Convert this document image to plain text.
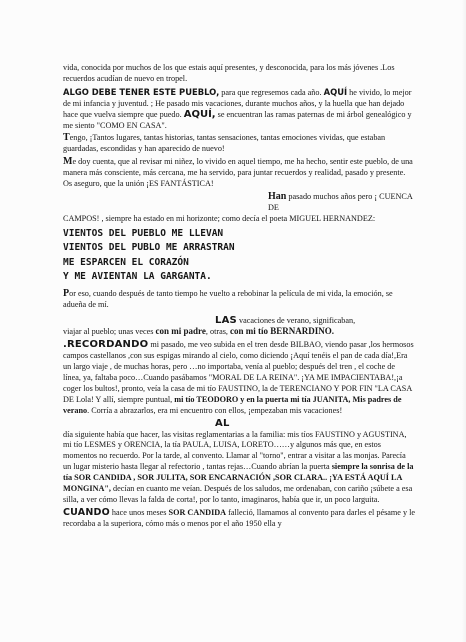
vida, conocida por muchos de los que estais aquí presentes, y desconocida, para los más jóvenes .Los recuerdos acudían de nuevo en tropel.

ALGO DEBE TENER ESTE PUEBLO, para que regresemos cada año. AQUÍ he vivido, lo mejor de mi infancia y juventud. ; He pasado mis vacaciones, durante muchos años, y la huella que han dejado hace que vuelva siempre que puedo. AQUÍ, se encuentran las ramas paternas de mi árbol genealógico y me siento "COMO EN CASA".

Tengo, ¡Tantos lugares, tantas historias, tantas sensaciones, tantas emociones vividas, que estaban guardadas, escondidas y han aparecido de nuevo!

Me doy cuenta, que al revisar mi niñez, lo vivido en aquel tiempo, me ha hecho, sentir este pueblo, de una manera más consciente, más cercana, me ha servido, para juntar recuerdos y realidad, pasado y presente. Os aseguro, que la unión ¡ES FANTÁSTICA!

Han pasado muchos años pero ¡ CUENCA DE
CAMPOS! , siempre ha estado en mi horizonte; como decía el poeta MIGUEL HERNANDEZ:

VIENTOS DEL PUEBLO ME LLEVAN
VIENTOS DEL PUBLO ME ARRASTRAN
ME ESPARCEN EL CORAZÓN
Y ME AVIENTAN LA GARGANTA.

Por eso, cuando después de tanto tiempo he vuelto a rebobinar la película de mi vida, la emoción, se adueña de mí.

LAS vacaciones de verano, significaban,
viajar al pueblo; unas veces con mi padre, otras, con mi tío BERNARDINO.

.RECORDANDO mi pasado, me veo subida en el tren desde BILBAO, viendo pasar ,los hermosos campos castellanos ,con sus espigas mirando al cielo, como diciendo ¡Aquí tenéis el pan de cada día!,Era un largo viaje , de muchas horas, pero …no importaba, venía al pueblo; después del tren , el coche de línea, ya, faltaba poco…Cuando pasábamos "MORAL DE LA REINA". ¡YA ME IMPACIENTABA!,¡a coger los bultos!, pronto, veía la casa de mi tío FAUSTINO, la de TERENCIANO Y POR FIN "LA CASA DE Lola! Y allí, siempre puntual, mi tío TEODORO y en la puerta mi tía JUANITA, Mis padres de verano. Corría a abrazarlos, era mi encuentro con ellos, ¡empezaban mis vacaciones!

AL
día siguiente había que hacer, las visitas reglamentarias a la familia: mis tíos FAUSTINO y AGUSTINA, mi tío LESMES y ORENCIA, la tía PAULA, LUISA, LORETO……y algunos más que, en estos momentos no recuerdo. Por la tarde, al convento. Llamar al "torno", entrar a visitar a las monjas. Parecía un lugar misterio hasta llegar al refectorio , tantas rejas…Cuando abrían la puerta siempre la sonrisa de la tía SOR CANDIDA , SOR JULITA, SOR ENCARNACIÓN ,SOR CLARA.. ¡YA ESTÁ AQUÍ LA MONGINA", decían en cuanto me veían. Después de los saludos, me ordenaban, con cariño ¡súbete a esa silla, a ver cómo llevas la falda de corta!, por lo tanto, imaginaros, había que ir, un poco larguita.

CUANDO hace unos meses SOR CANDIDA falleció, llamamos al convento para darles el pésame y le recordaba a la superiora, cómo más o menos por el año 1950 ella y
